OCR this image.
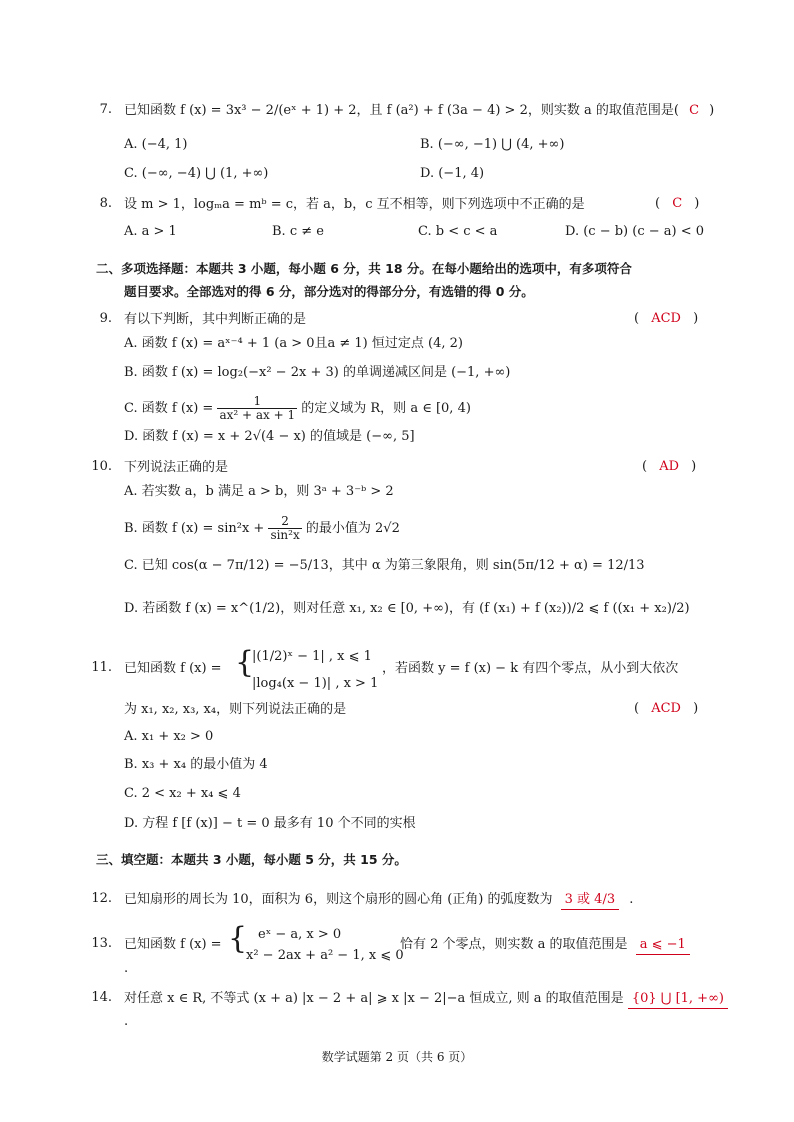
7. 已知函数 f (x) = 3x³ − 2/(eˣ + 1) + 2，且 f (a²) + f (3a − 4) > 2，则实数 a 的取值范围是( C )
A. (−4, 1)	B. (−∞, −1) ⋃ (4, +∞)
C. (−∞, −4) ⋃ (1, +∞)	D. (−1, 4)
8. 设 m > 1，logₘa = mᵇ = c，若 a，b，c 互不相等，则下列选项中不正确的是	( C )
A. a > 1	B. c ≠ e	C. b < c < a	D. (c − b) (c − a) < 0
二、多项选择题：本题共 3 小题，每小题 6 分，共 18 分。在每小题给出的选项中，有多项符合
题目要求。全部选对的得 6 分，部分选对的得部分分，有选错的得 0 分。
9. 有以下判断，其中判断正确的是	( ACD )
A. 函数 f (x) = aˣ⁻⁴ + 1 (a > 0且a ≠ 1) 恒过定点 (4, 2)
B. 函数 f (x) = log₂(−x² − 2x + 3) 的单调递减区间是 (−1, +∞)
C. 函数 f $(x) = \frac{1}{\text{ax² + ax + 1}}$ 的定义域为 R，则 a ∈ [0, 4)
D. 函数 f (x) = x + 2√(4 − x) 的值域是 (−∞, 5]
10. 下列说法正确的是	( AD )
A. 若实数 a，b 满足 a > b，则 3ᵃ + 3⁻ᵇ > 2
B. 函数 f $(x) = \sin^2x + \frac{2}{\text{sin²x}}$ 的最小值为 2√2
C. 已知 cos(α − 7π/12) = −5/13，其中 α 为第三象限角，则 sin(5π/12 + α) = 12/13
D. 若函数 f (x) = x^(1/2)，则对任意 x₁, x₂ ∈ [0, +∞)，有 (f (x₁) + f (x₂))/2 ⩽ f ((x₁ + x₂)/2)
11. 已知函数 f (x) = {
|(1/2)ˣ − 1| , x ⩽ 1
|log₄(x − 1)| , x > 1
，若函数 y = f (x) − k 有四个零点，从小到大依次
为 x₁, x₂, x₃, x₄，则下列说法正确的是	( ACD )
A. x₁ + x₂ > 0
B. x₃ + x₄ 的最小值为 4
C. 2 < x₂ + x₄ ⩽ 4
D. 方程 f [f (x)] − t = 0 最多有 10 个不同的实根
三、填空题：本题共 3 小题，每小题 5 分，共 15 分。
12. 已知扇形的周长为 10，面积为 6，则这个扇形的圆心角 (正角) 的弧度数为 3 或 4/3 .
13. 已知函数 f (x) = { eˣ − a, x > 0
x² − 2ax + a² − 1, x ⩽ 0
恰有 2 个零点，则实数 a 的取值范围是 a ⩽ −1
.
14. 对任意 x ∈ R, 不等式 (x + a) |x − 2 + a| ⩾ x |x − 2|−a 恒成立, 则 a 的取值范围是 {0} ⋃ [1, +∞)
.
数学试题第 2 页（共 6 页）
